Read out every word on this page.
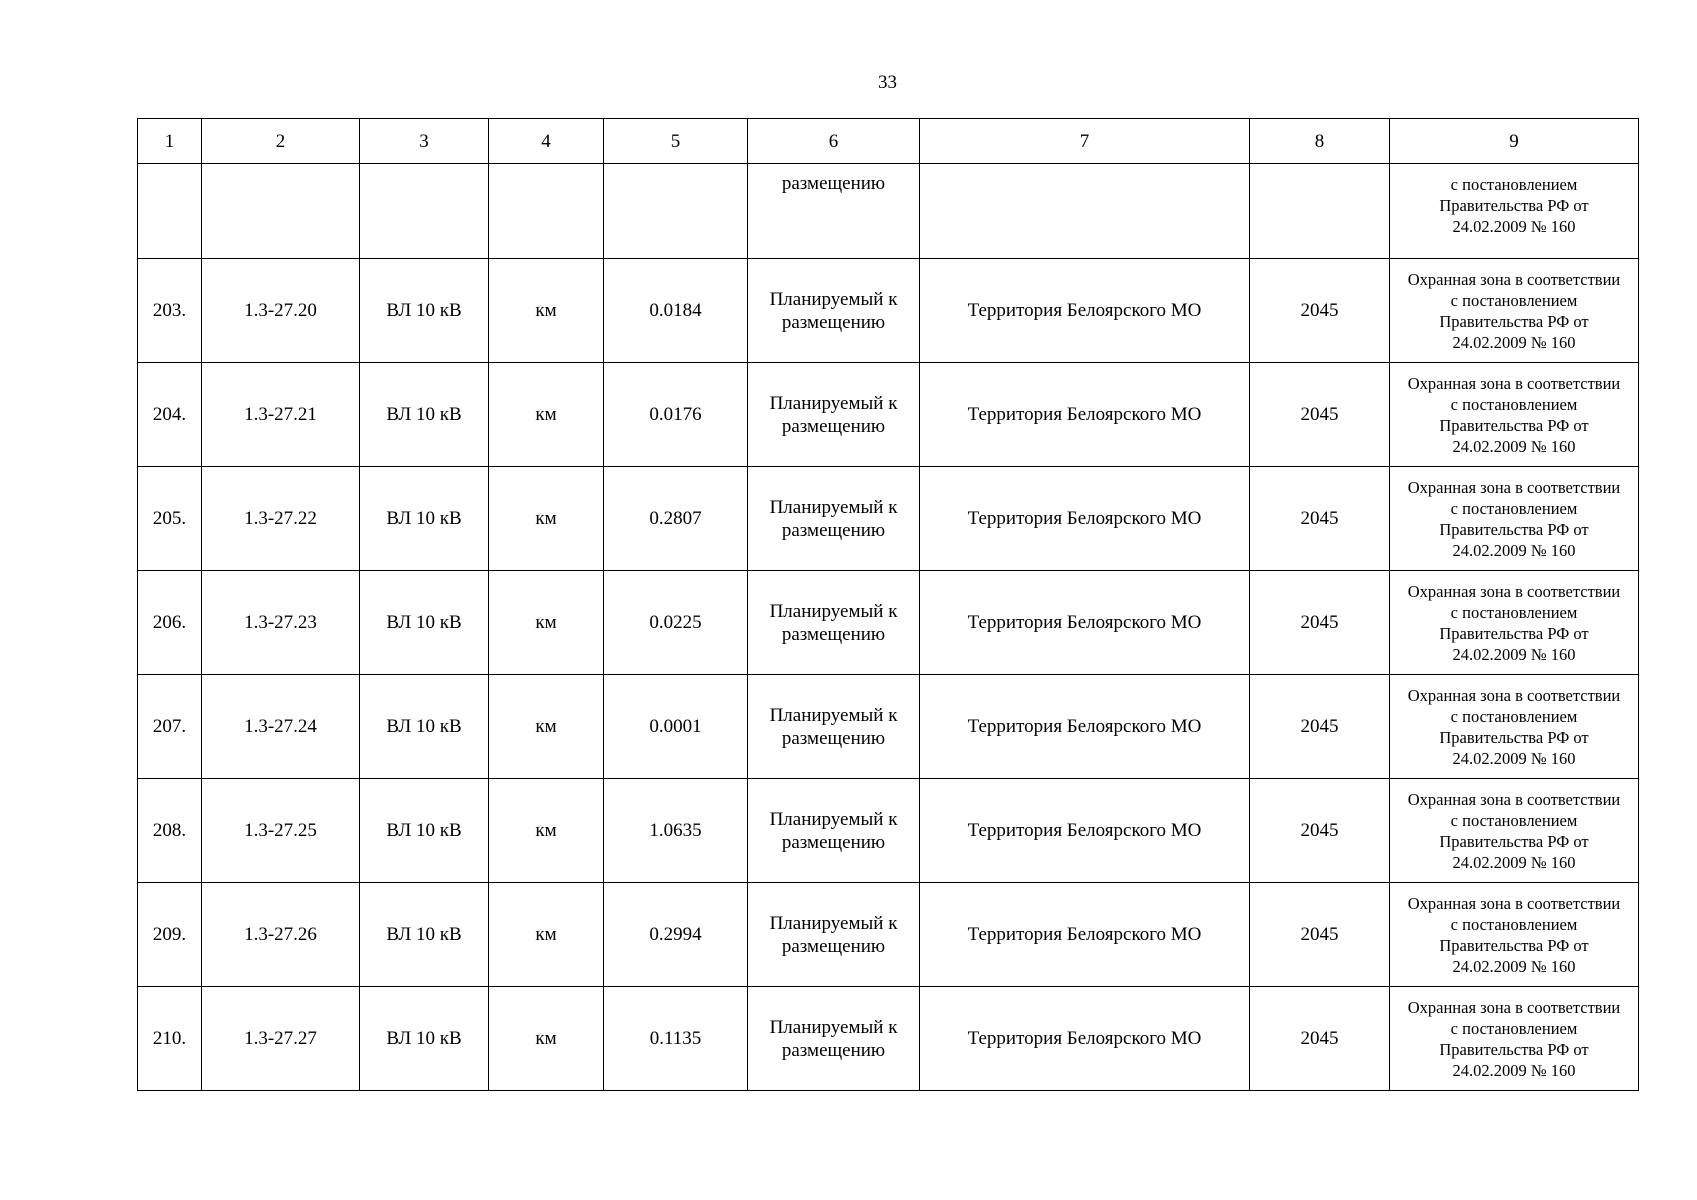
33
1	2	3	4	5	6	7	8	9
					размещению			с постановлением
Правительства РФ от
24.02.2009 № 160

203.	1.3-27.20	ВЛ 10 кВ	км	0.0184	Планируемый к
размещению	Территория Белоярского МО	2045	Охранная зона в соответствии
с постановлением
Правительства РФ от
24.02.2009 № 160

204.	1.3-27.21	ВЛ 10 кВ	км	0.0176	Планируемый к
размещению	Территория Белоярского МО	2045	Охранная зона в соответствии
с постановлением
Правительства РФ от
24.02.2009 № 160

205.	1.3-27.22	ВЛ 10 кВ	км	0.2807	Планируемый к
размещению	Территория Белоярского МО	2045	Охранная зона в соответствии
с постановлением
Правительства РФ от
24.02.2009 № 160

206.	1.3-27.23	ВЛ 10 кВ	км	0.0225	Планируемый к
размещению	Территория Белоярского МО	2045	Охранная зона в соответствии
с постановлением
Правительства РФ от
24.02.2009 № 160

207.	1.3-27.24	ВЛ 10 кВ	км	0.0001	Планируемый к
размещению	Территория Белоярского МО	2045	Охранная зона в соответствии
с постановлением
Правительства РФ от
24.02.2009 № 160

208.	1.3-27.25	ВЛ 10 кВ	км	1.0635	Планируемый к
размещению	Территория Белоярского МО	2045	Охранная зона в соответствии
с постановлением
Правительства РФ от
24.02.2009 № 160

209.	1.3-27.26	ВЛ 10 кВ	км	0.2994	Планируемый к
размещению	Территория Белоярского МО	2045	Охранная зона в соответствии
с постановлением
Правительства РФ от
24.02.2009 № 160

210.	1.3-27.27	ВЛ 10 кВ	км	0.1135	Планируемый к
размещению	Территория Белоярского МО	2045	Охранная зона в соответствии
с постановлением
Правительства РФ от
24.02.2009 № 160
